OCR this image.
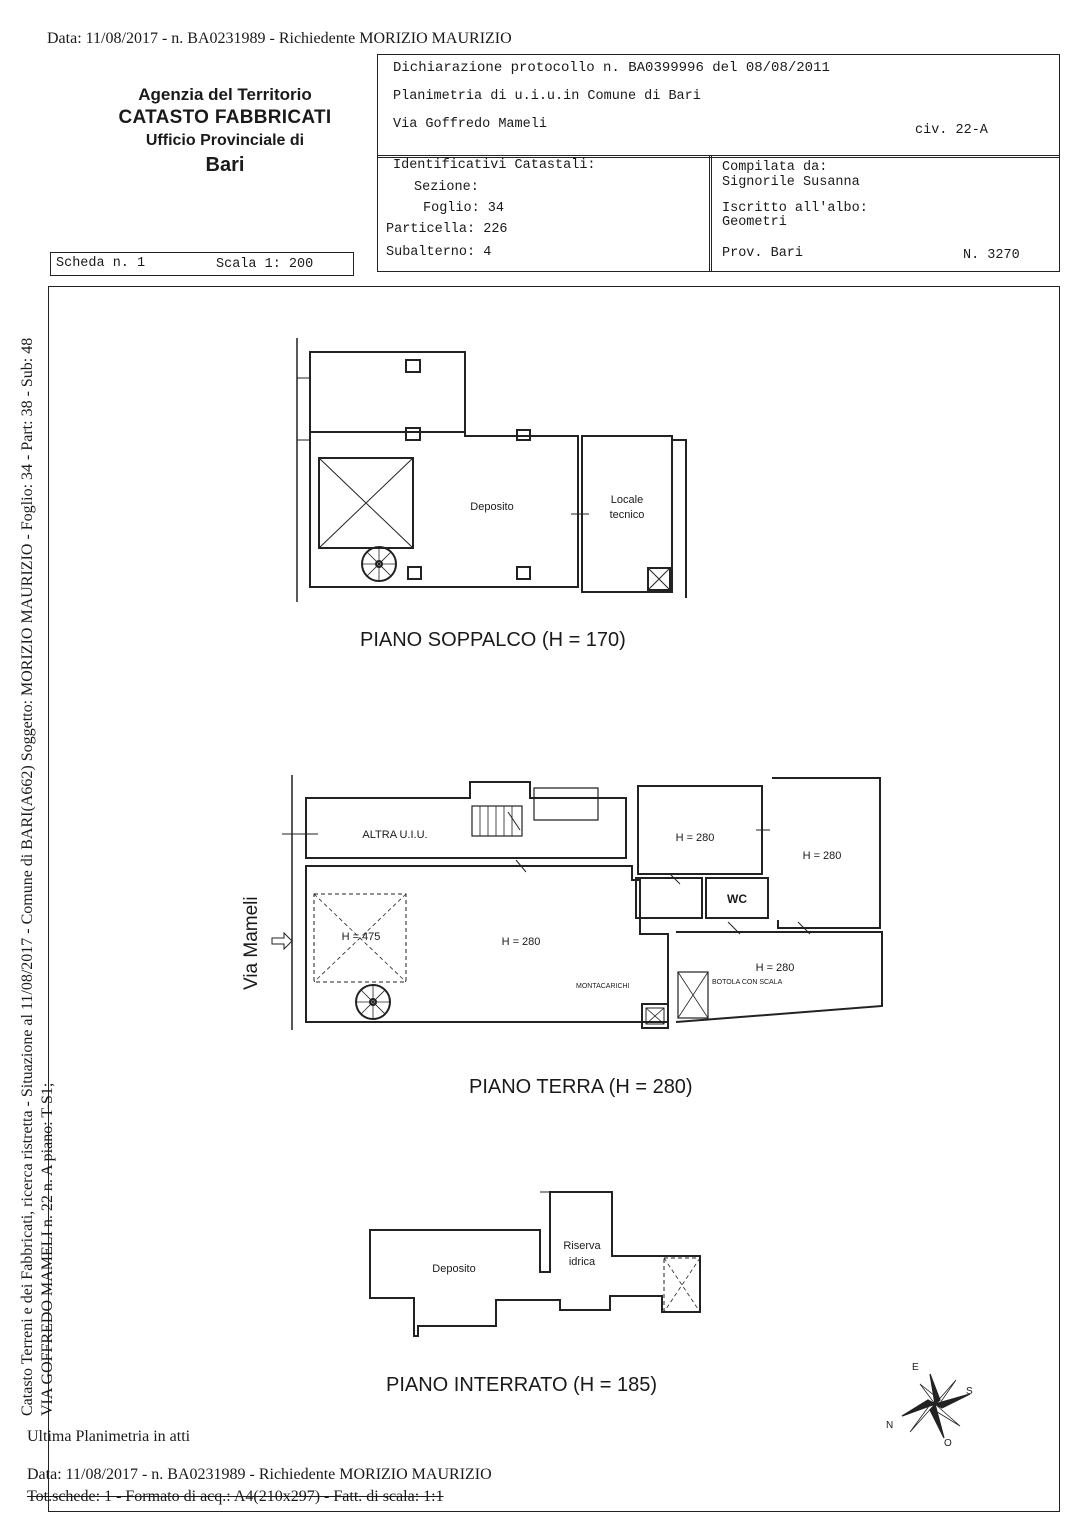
Data: 11/08/2017 - n. BA0231989 - Richiedente MORIZIO MAURIZIO
Agenzia del Territorio
CATASTO FABBRICATI
Ufficio Provinciale di
Bari
Dichiarazione protocollo n. BA0399996 del 08/08/2011
Planimetria di u.i.u.in Comune di Bari
Via Goffredo Mameli	civ. 22-A
Identificativi Catastali:
Sezione:
Foglio: 34
Particella: 226
Subalterno: 4
Compilata da:
Signorile Susanna
Iscritto all'albo:
Geometri
Prov. Bari	N. 3270
Scheda n. 1	Scala 1: 200
Catasto Terreni e dei Fabbricati, ricerca ristretta - Situazione al 11/08/2017 - Comune di BARI(A662) Soggetto: MORIZIO MAURIZIO - Foglio: 34 - Part: 38 - Sub: 48 VIA GOFFREDO MAMELI n. 22 n. A piano: T-S1;
Deposito
Locale
tecnico
PIANO SOPPALCO (H = 170)
ALTRA U.I.U.	H = 280
H = 280
H = 280
H = 280
H = 475
WC
MONTACARICHI
BOTOLA CON SCALA
Via Mameli
PIANO TERRA (H = 280)
Deposito
Riserva
idrica
PIANO INTERRATO (H = 185)
E
S
N
O
Ultima Planimetria in atti
Data: 11/08/2017 - n. BA0231989 - Richiedente MORIZIO MAURIZIO
Tot.schede: 1 - Formato di acq.: A4(210x297) - Fatt. di scala: 1:1
